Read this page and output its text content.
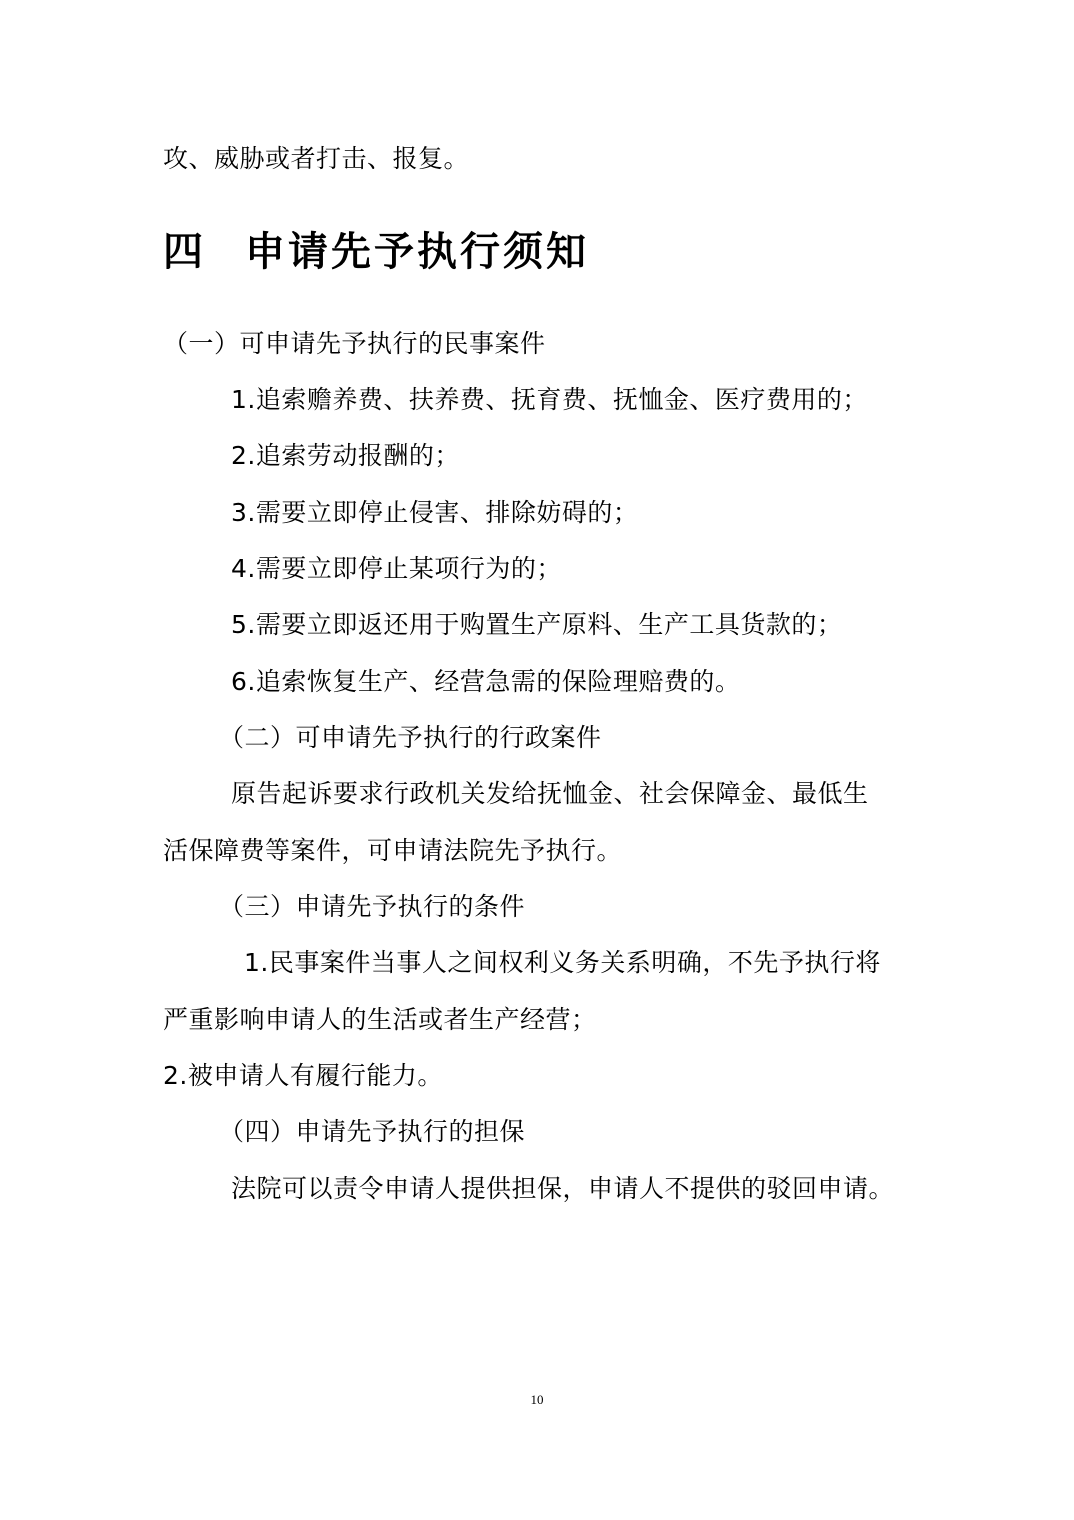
攻、威胁或者打击、报复。
四 申请先予执行须知
（一）可申请先予执行的民事案件
1.追索赡养费、扶养费、抚育费、抚恤金、医疗费用的；
2.追索劳动报酬的；
3.需要立即停止侵害、排除妨碍的；
4.需要立即停止某项行为的；
5.需要立即返还用于购置生产原料、生产工具货款的；
6.追索恢复生产、经营急需的保险理赔费的。
（二）可申请先予执行的行政案件
原告起诉要求行政机关发给抚恤金、社会保障金、最低生
活保障费等案件，可申请法院先予执行。
（三）申请先予执行的条件
1.民事案件当事人之间权利义务关系明确，不先予执行将
严重影响申请人的生活或者生产经营；
2.被申请人有履行能力。
（四）申请先予执行的担保
法院可以责令申请人提供担保，申请人不提供的驳回申请。
10
